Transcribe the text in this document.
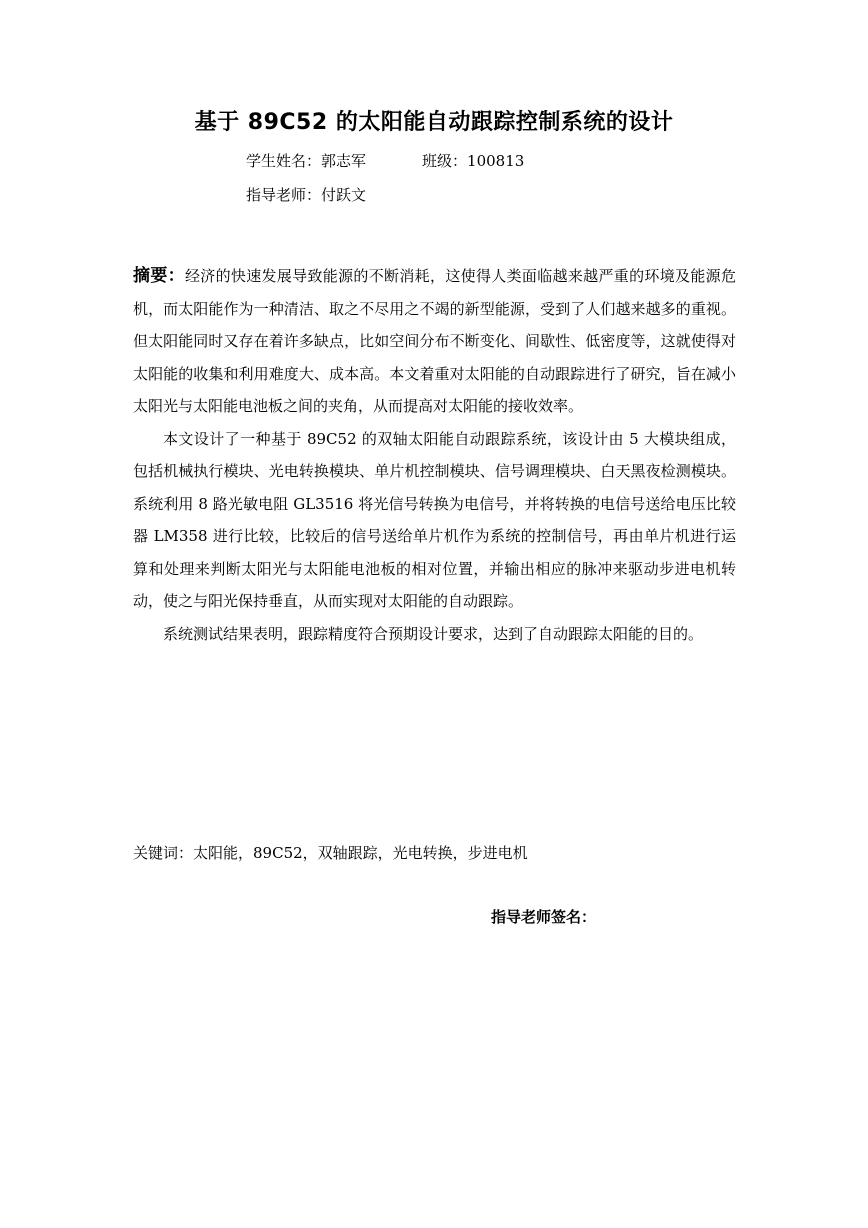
基于 89C52 的太阳能自动跟踪控制系统的设计
学生姓名：郭志军	班级：100813
指导老师：付跃文

摘要：经济的快速发展导致能源的不断消耗，这使得人类面临越来越严重的环境及能源危机，而太阳能作为一种清洁、取之不尽用之不竭的新型能源，受到了人们越来越多的重视。但太阳能同时又存在着许多缺点，比如空间分布不断变化、间歇性、低密度等，这就使得对太阳能的收集和利用难度大、成本高。本文着重对太阳能的自动跟踪进行了研究，旨在减小太阳光与太阳能电池板之间的夹角，从而提高对太阳能的接收效率。

本文设计了一种基于 89C52 的双轴太阳能自动跟踪系统，该设计由 5 大模块组成，包括机械执行模块、光电转换模块、单片机控制模块、信号调理模块、白天黑夜检测模块。系统利用 8 路光敏电阻 GL3516 将光信号转换为电信号，并将转换的电信号送给电压比较器 LM358 进行比较，比较后的信号送给单片机作为系统的控制信号，再由单片机进行运算和处理来判断太阳光与太阳能电池板的相对位置，并输出相应的脉冲来驱动步进电机转动，使之与阳光保持垂直，从而实现对太阳能的自动跟踪。

系统测试结果表明，跟踪精度符合预期设计要求，达到了自动跟踪太阳能的目的。

关键词：太阳能，89C52，双轴跟踪，光电转换，步进电机
指导老师签名：
